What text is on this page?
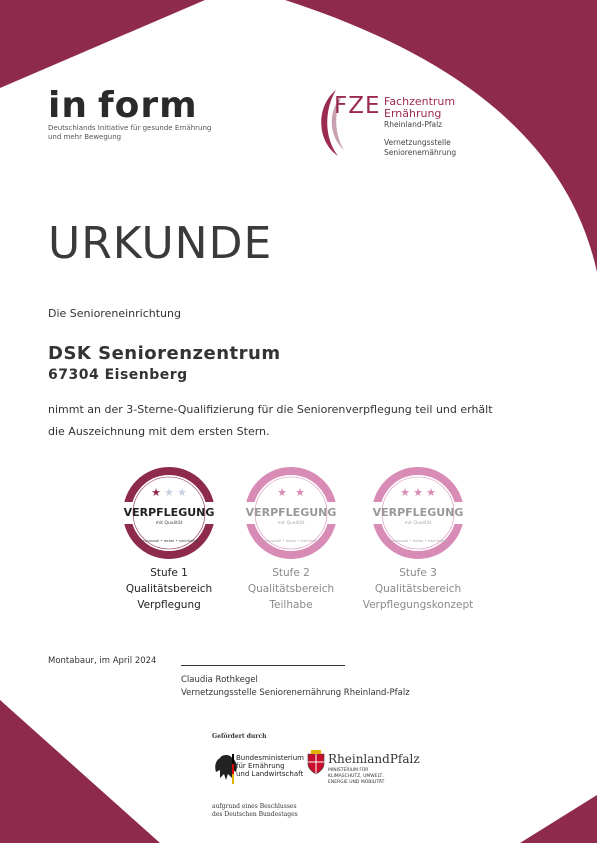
in form
Deutschlands Initiative für gesunde Ernährung
und mehr Bewegung
FZE Fachzentrum
Ernährung
Rheinland-Pfalz
Vernetzungsstelle
Seniorenernährung
URKUNDE
Die Senioreneinrichtung
DSK Seniorenzentrum
67304 Eisenberg
nimmt an der 3-Sterne-Qualifizierung für die Seniorenverpflegung teil und erhält die Auszeichnung mit dem ersten Stern.
★ ★ ★
VERPFLEGUNG
mit Qualität
genussvoll • lecker • nachhaltig
Stufe 1
Qualitätsbereich
Verpflegung
★ ★
VERPFLEGUNG
mit Qualität
genussvoll • lecker • nachhaltig
Stufe 2
Qualitätsbereich
Teilhabe
★ ★ ★
VERPFLEGUNG
mit Qualität
genussvoll • lecker • nachhaltig
Stufe 3
Qualitätsbereich
Verpflegungskonzept
Montabaur, im April 2024
Claudia Rothkegel
Vernetzungsstelle Seniorenernährung Rheinland-Pfalz
Gefördert durch
Bundesministerium
für Ernährung
und Landwirtschaft
RheinlandPfalz
MINISTERIUM FÜR
KLIMASCHUTZ, UMWELT,
ENERGIE UND MOBILITÄT
aufgrund eines Beschlusses
des Deutschen Bundestages
